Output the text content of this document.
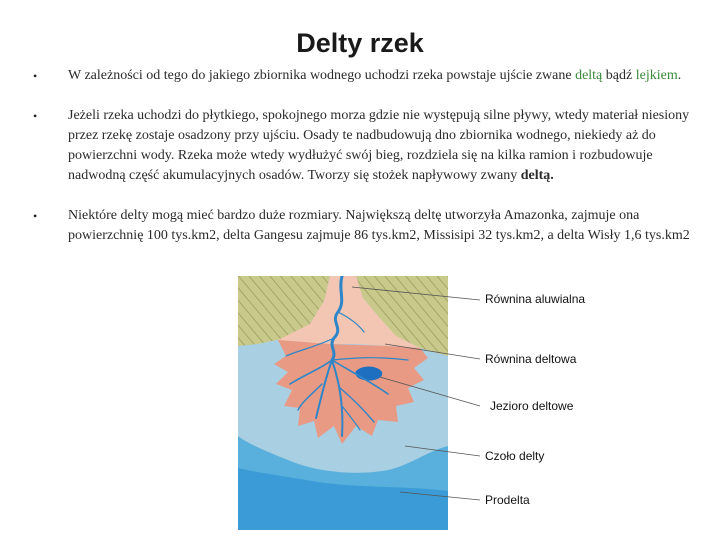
Delty rzek
• W zależności od tego do jakiego zbiornika wodnego uchodzi rzeka powstaje ujście zwane deltą bądź lejkiem.
• Jeżeli rzeka uchodzi do płytkiego, spokojnego morza gdzie nie występują silne pływy, wtedy materiał niesiony przez rzekę zostaje osadzony przy ujściu. Osady te nadbudowują dno zbiornika wodnego, niekiedy aż do powierzchni wody. Rzeka może wtedy wydłużyć swój bieg, rozdziela się na kilka ramion i rozbudowuje nadwodną część akumulacyjnych osadów. Tworzy się stożek napływowy zwany deltą.
• Niektóre delty mogą mieć bardzo duże rozmiary. Największą deltę utworzyła Amazonka, zajmuje ona powierzchnię 100 tys.km2, delta Gangesu zajmuje 86 tys.km2, Missisipi 32 tys.km2, a delta Wisły 1,6 tys.km2
Równina aluwialna
Równina deltowa
Jezioro deltowe
Czoło delty
Prodelta
